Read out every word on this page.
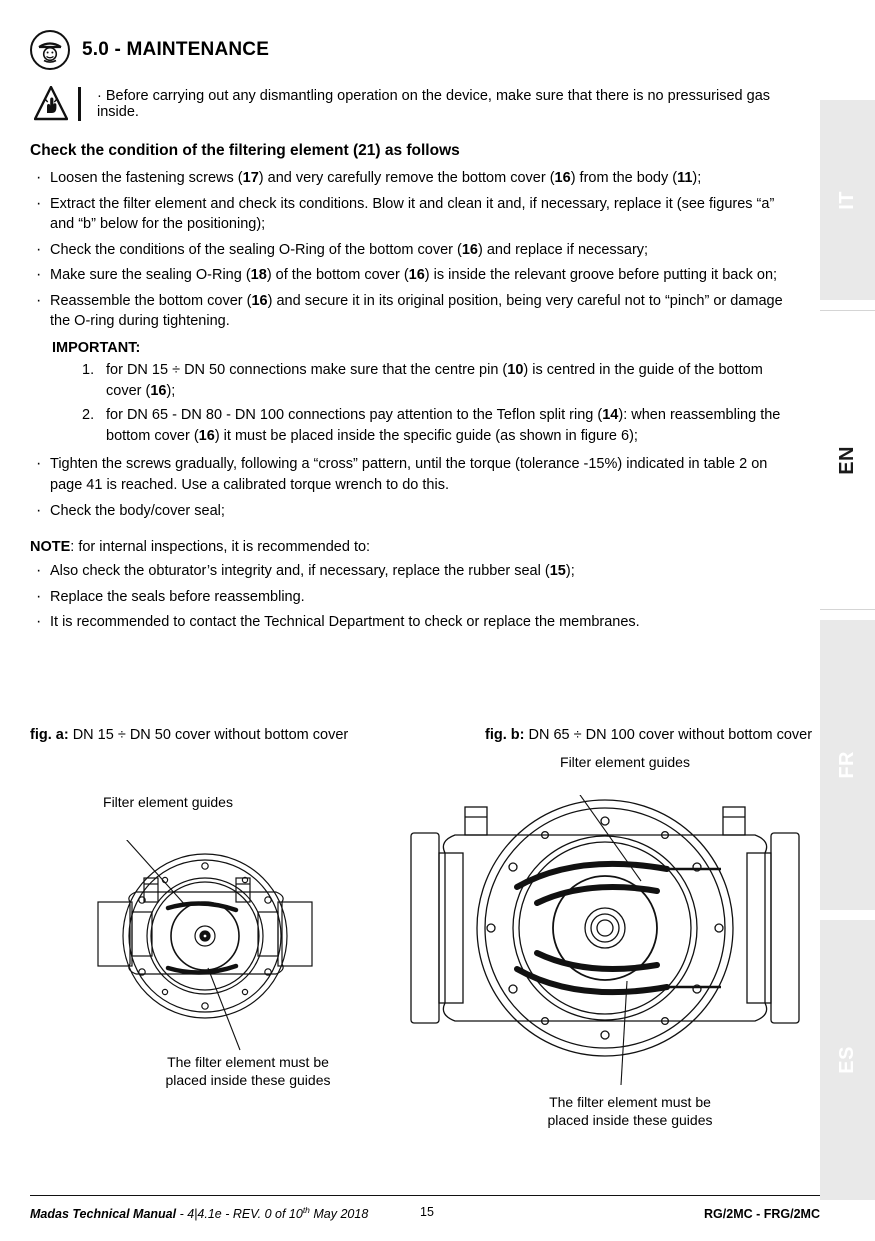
IT
EN
FR
ES
5.0 - MAINTENANCE
· Before carrying out any dismantling operation on the device, make sure that there is no pressurised gas inside.
Check the condition of the filtering element (21) as follows
· Loosen the fastening screws (17) and very carefully remove the bottom cover (16) from the body (11);
· Extract the filter element and check its conditions. Blow it and clean it and, if necessary, replace it (see figures “a” and “b” below for the positioning);
· Check the conditions of the sealing O-Ring of the bottom cover (16) and replace if necessary;
· Make sure the sealing O-Ring (18) of the bottom cover (16) is inside the relevant groove before putting it back on;
· Reassemble the bottom cover (16) and secure it in its original position, being very careful not to “pinch” or damage the O-ring during tightening.
IMPORTANT:
1. for DN 15 ÷ DN 50 connections make sure that the centre pin (10) is centred in the guide of the bottom cover (16);
2. for DN 65 - DN 80 - DN 100 connections pay attention to the Teflon split ring (14): when reassembling the bottom cover (16) it must be placed inside the specific guide (as shown in figure 6);
· Tighten the screws gradually, following a “cross” pattern, until the torque (tolerance -15%) indicated in table 2 on page 41 is reached. Use a calibrated torque wrench to do this.
· Check the body/cover seal;
NOTE: for internal inspections, it is recommended to:
· Also check the obturator’s integrity and, if necessary, replace the rubber seal (15);
· Replace the seals before reassembling.
· It is recommended to contact the Technical Department to check or replace the membranes.
fig. a: DN 15 ÷ DN 50 cover without bottom cover	fig. b: DN 65 ÷ DN 100 cover without bottom cover
Filter element guides
The filter element must be
placed inside these guides
Filter element guides
The filter element must be
placed inside these guides
Madas Technical Manual - 4|4.1e - REV. 0 of 10th May 2018	15	RG/2MC - FRG/2MC
